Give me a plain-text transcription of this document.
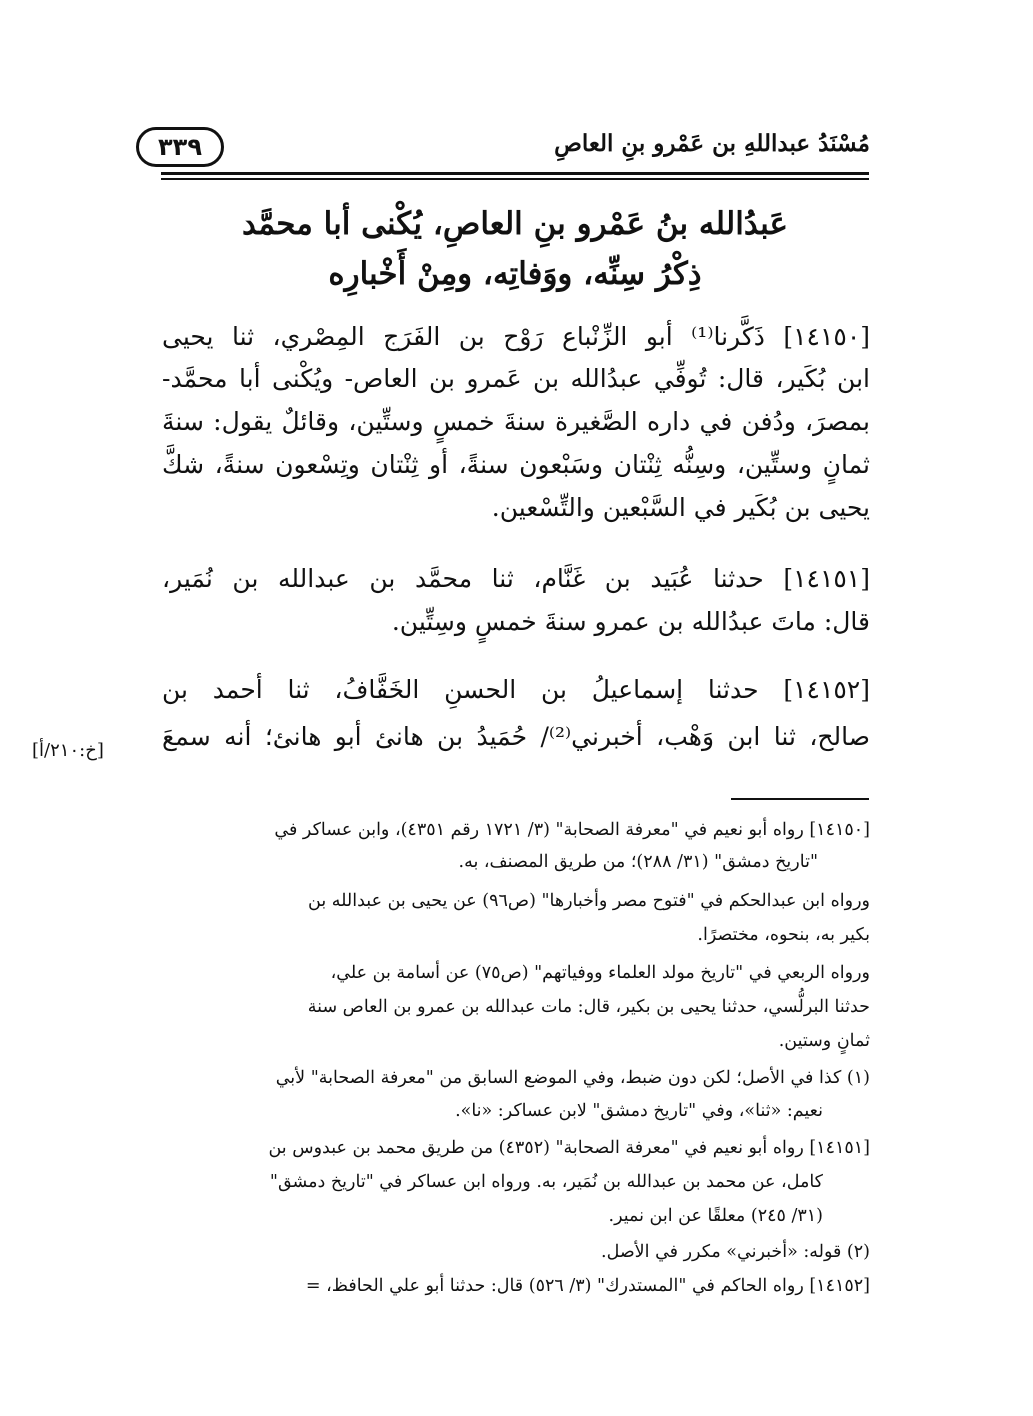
مُسْنَدُ عبداللهِ بن عَمْرو بنِ العاصِ
٣٣٩
عَبدُالله بنُ عَمْرو بنِ العاصِ، يُكْنى أبا محمَّد
ذِكْرُ سِنِّه، ووَفاتِه، ومِنْ أَخْبارِه
[١٤١٥٠] ذَكَّرنا⁽¹⁾ أبو الزِّنْباع رَوْح بن الفَرَج المِصْري، ثنا يحيى
ابن بُكَير، قال: تُوفِّي عبدُالله بن عَمرو بن العاص- ويُكْنى أبا محمَّد-
بمصرَ، ودُفن في داره الصَّغيرة سنةَ خمسٍ وستِّين، وقائلٌ يقول: سنةَ
ثمانٍ وستِّين، وسِنُّه ثِنْتان وسَبْعون سنةً، أو ثِنْتان وتِسْعون سنةً، شكَّ
يحيى بن بُكَير في السَّبْعين والتِّسْعين.
[١٤١٥١] حدثنا عُبَيد بن غَنَّام، ثنا محمَّد بن عبدالله بن نُمَير،
قال: ماتَ عبدُالله بن عمرو سنةَ خمسٍ وسِتِّين.
[١٤١٥٢] حدثنا إسماعيلُ بن الحسنِ الخَفَّافُ، ثنا أحمد بن
صالح، ثنا ابن وَهْب، أخبرني⁽²⁾/ حُمَيدُ بن هانئ أبو هانئ؛ أنه سمعَ
[خ:٢١٠/أ]
[١٤١٥٠] رواه أبو نعيم في "معرفة الصحابة" (٣/ ١٧٢١ رقم ٤٣٥١)، وابن عساكر في
"تاريخ دمشق" (٣١/ ٢٨٨)؛ من طريق المصنف، به.
ورواه ابن عبدالحكم في "فتوح مصر وأخبارها" (ص٩٦) عن يحيى بن عبدالله بن
بكير به، بنحوه، مختصرًا.
ورواه الربعي في "تاريخ مولد العلماء ووفياتهم" (ص٧٥) عن أسامة بن علي،
حدثنا البرلُّسي، حدثنا يحيى بن بكير، قال: مات عبدالله بن عمرو بن العاص سنة
ثمانٍ وستين.
(١) كذا في الأصل؛ لكن دون ضبط، وفي الموضع السابق من "معرفة الصحابة" لأبي
نعيم: «ثنا»، وفي "تاريخ دمشق" لابن عساكر: «نا».
[١٤١٥١] رواه أبو نعيم في "معرفة الصحابة" (٤٣٥٢) من طريق محمد بن عبدوس بن
كامل، عن محمد بن عبدالله بن نُمَير، به. ورواه ابن عساكر في "تاريخ دمشق"
(٣١/ ٢٤٥) معلقًا عن ابن نمير.
(٢) قوله: «أخبرني» مكرر في الأصل.
[١٤١٥٢] رواه الحاكم في "المستدرك" (٣/ ٥٢٦) قال: حدثنا أبو علي الحافظ، =
